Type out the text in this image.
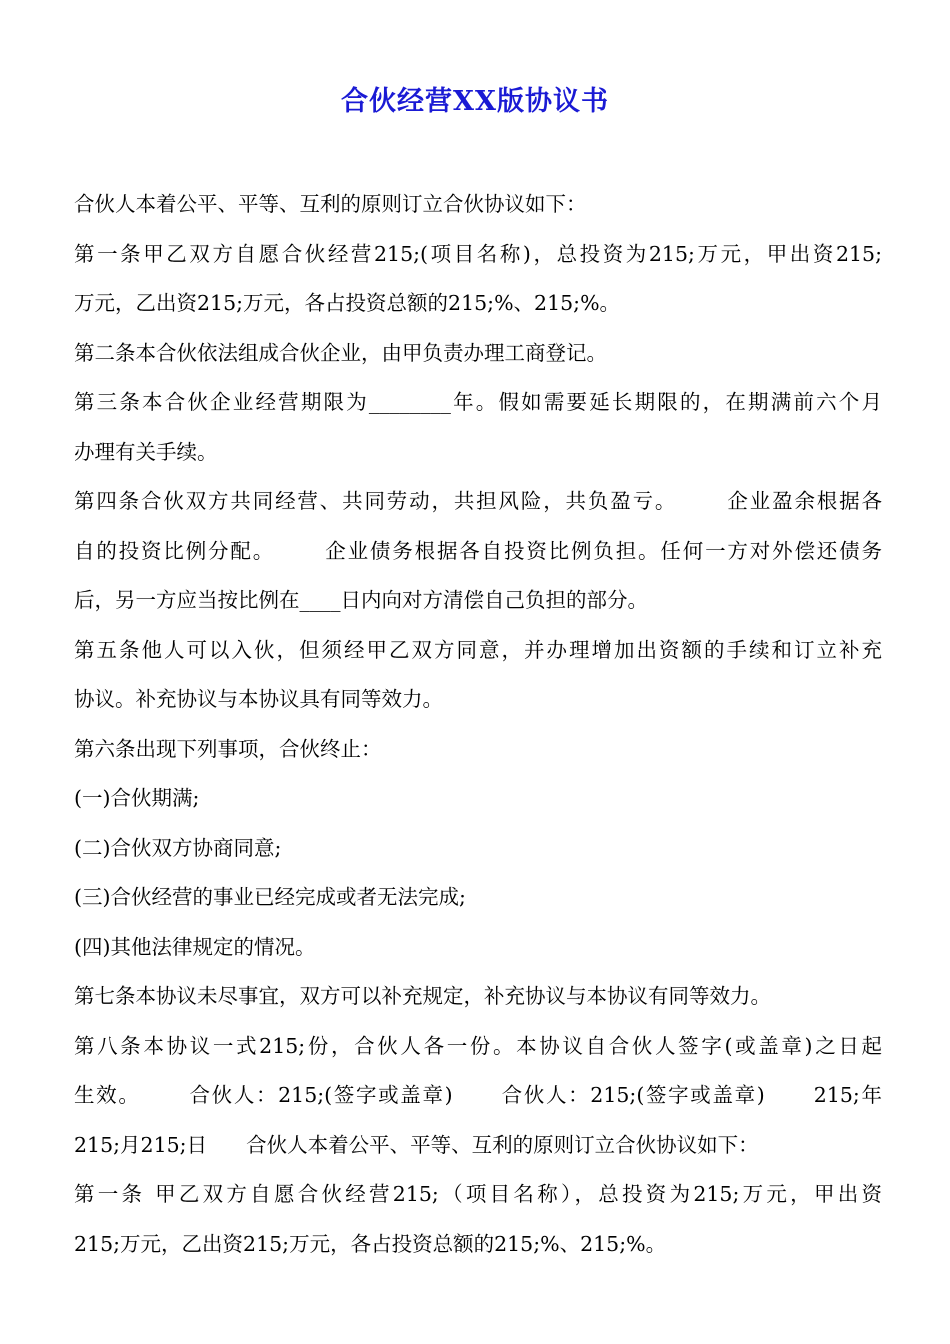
合伙经营XX版协议书
合伙人本着公平、平等、互利的原则订立合伙协议如下：
第一条甲乙双方自愿合伙经营215;(项目名称)，总投资为215;万元，甲出资215;
万元，乙出资215;万元，各占投资总额的215;%、215;%。
第二条本合伙依法组成合伙企业，由甲负责办理工商登记。
第三条本合伙企业经营期限为________年。假如需要延长期限的，在期满前六个月
办理有关手续。
第四条合伙双方共同经营、共同劳动，共担风险，共负盈亏。      企业盈余根据各
自的投资比例分配。      企业债务根据各自投资比例负担。任何一方对外偿还债务
后，另一方应当按比例在____日内向对方清偿自己负担的部分。
第五条他人可以入伙，但须经甲乙双方同意，并办理增加出资额的手续和订立补充
协议。补充协议与本协议具有同等效力。
第六条出现下列事项，合伙终止：
(一)合伙期满;
(二)合伙双方协商同意;
(三)合伙经营的事业已经完成或者无法完成;
(四)其他法律规定的情况。
第七条本协议未尽事宜，双方可以补充规定，补充协议与本协议有同等效力。
第八条本协议一式215;份，合伙人各一份。本协议自合伙人签字(或盖章)之日起
生效。      合伙人：215;(签字或盖章)      合伙人：215;(签字或盖章)      215;年
215;月215;日      合伙人本着公平、平等、互利的原则订立合伙协议如下：
第一条 甲乙双方自愿合伙经营215;（项目名称），总投资为215;万元，甲出资
215;万元，乙出资215;万元，各占投资总额的215;%、215;%。
